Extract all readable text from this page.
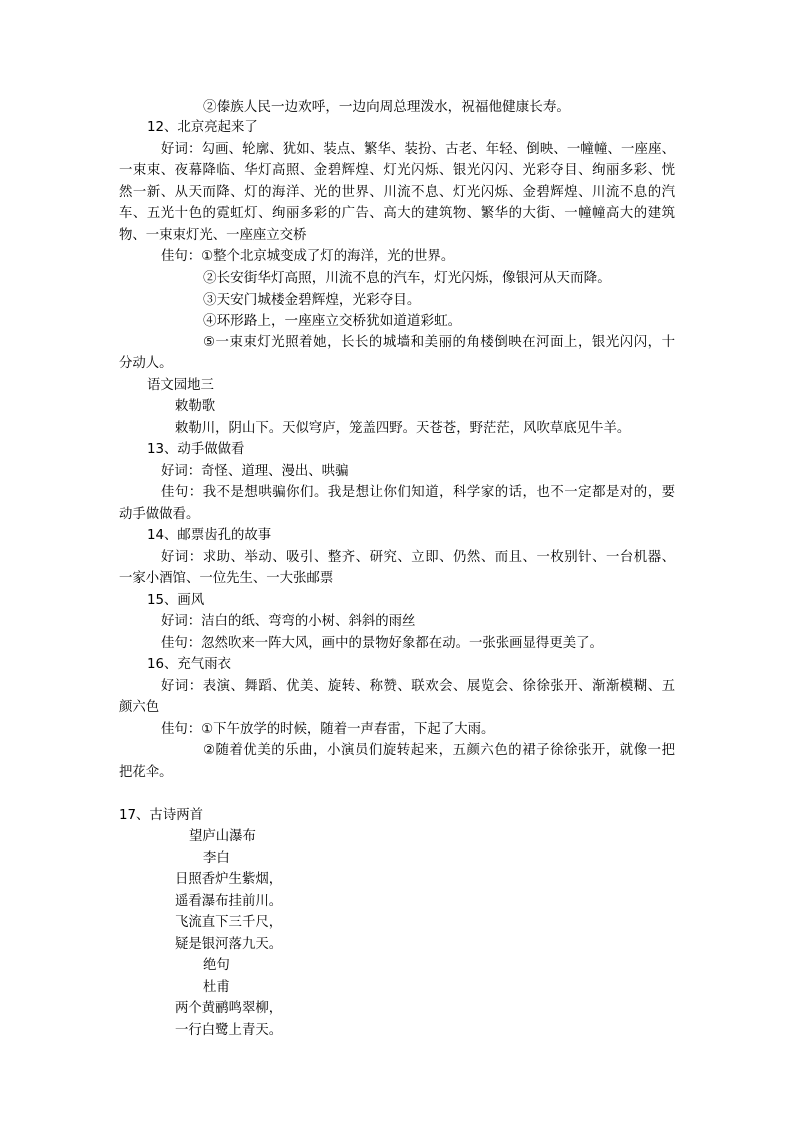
②傣族人民一边欢呼，一边向周总理泼水，祝福他健康长寿。
12、北京亮起来了
好词：勾画、轮廓、犹如、装点、繁华、装扮、古老、年轻、倒映、一幢幢、一座座、
一束束、夜幕降临、华灯高照、金碧辉煌、灯光闪烁、银光闪闪、光彩夺目、绚丽多彩、恍
然一新、从天而降、灯的海洋、光的世界、川流不息、灯光闪烁、金碧辉煌、川流不息的汽
车、五光十色的霓虹灯、绚丽多彩的广告、高大的建筑物、繁华的大街、一幢幢高大的建筑
物、一束束灯光、一座座立交桥
佳句：①整个北京城变成了灯的海洋，光的世界。
②长安街华灯高照，川流不息的汽车，灯光闪烁，像银河从天而降。
③天安门城楼金碧辉煌，光彩夺目。
④环形路上，一座座立交桥犹如道道彩虹。
⑤一束束灯光照着她，长长的城墙和美丽的角楼倒映在河面上，银光闪闪，十
分动人。
语文园地三
敕勒歌
敕勒川，阴山下。天似穹庐，笼盖四野。天苍苍，野茫茫，风吹草底见牛羊。
13、动手做做看
好词：奇怪、道理、漫出、哄骗
佳句：我不是想哄骗你们。我是想让你们知道，科学家的话，也不一定都是对的，要
动手做做看。
14、邮票齿孔的故事
好词：求助、举动、吸引、整齐、研究、立即、仍然、而且、一枚别针、一台机器、
一家小酒馆、一位先生、一大张邮票
15、画风
好词：洁白的纸、弯弯的小树、斜斜的雨丝
佳句：忽然吹来一阵大风，画中的景物好象都在动。一张张画显得更美了。
16、充气雨衣
好词：表演、舞蹈、优美、旋转、称赞、联欢会、展览会、徐徐张开、渐渐模糊、五
颜六色
佳句：①下午放学的时候，随着一声春雷，下起了大雨。
②随着优美的乐曲，小演员们旋转起来，五颜六色的裙子徐徐张开，就像一把
把花伞。
17、古诗两首
望庐山瀑布
李白
日照香炉生紫烟，
遥看瀑布挂前川。
飞流直下三千尺，
疑是银河落九天。
绝句
杜甫
两个黄鹂鸣翠柳，
一行白鹭上青天。
